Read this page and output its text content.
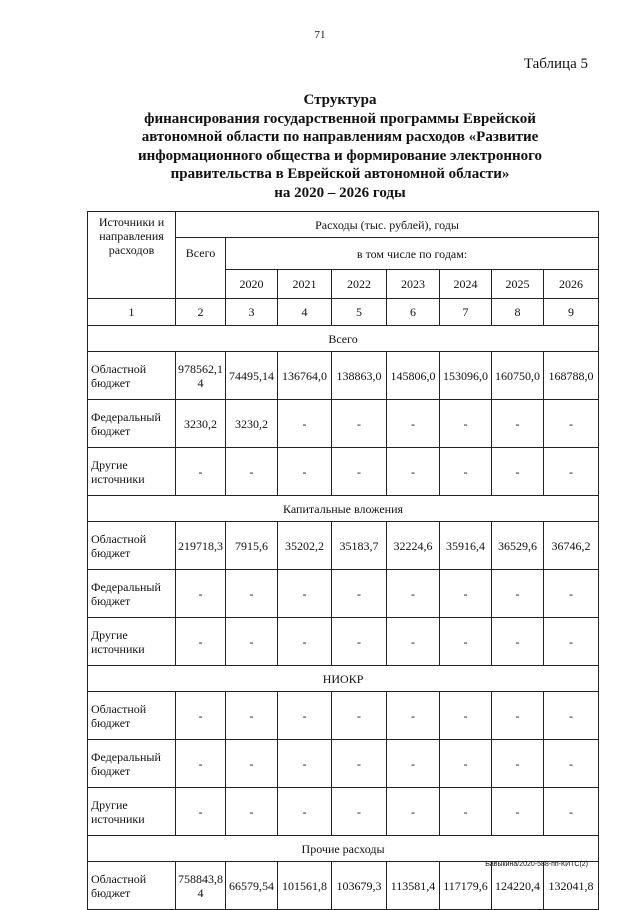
71
Таблица 5
Структура
финансирования государственной программы Еврейской
автономной области по направлениям расходов «Развитие
информационного общества и формирование электронного
правительства в Еврейской автономной области»
на 2020 – 2026 годы
Источники и направления расходов	Расходы (тыс. рублей), годы							
	Всего	в том числе по годам:						
		2020	2021	2022	2023	2024	2025	2026
1	2	3	4	5	6	7	8	9
Всего								
Областной бюджет	978562,14	74495,14	136764,0	138863,0	145806,0	153096,0	160750,0	168788,0
Федеральный бюджет	3230,2	3230,2	-	-	-	-	-	-
Другие источники	-	-	-	-	-	-	-	-
Капитальные вложения								
Областной бюджет	219718,3	7915,6	35202,2	35183,7	32224,6	35916,4	36529,6	36746,2
Федеральный бюджет	-	-	-	-	-	-	-	-
Другие источники	-	-	-	-	-	-	-	-
НИОКР								
Областной бюджет	-	-	-	-	-	-	-	-
Федеральный бюджет	-	-	-	-	-	-	-	-
Другие источники	-	-	-	-	-	-	-	-
Прочие расходы								
Областной бюджет	758843,84	66579,54	101561,8	103679,3	113581,4	117179,6	124220,4	132041,8
Бавыкина/2020-588-пп-КИТС(2)
